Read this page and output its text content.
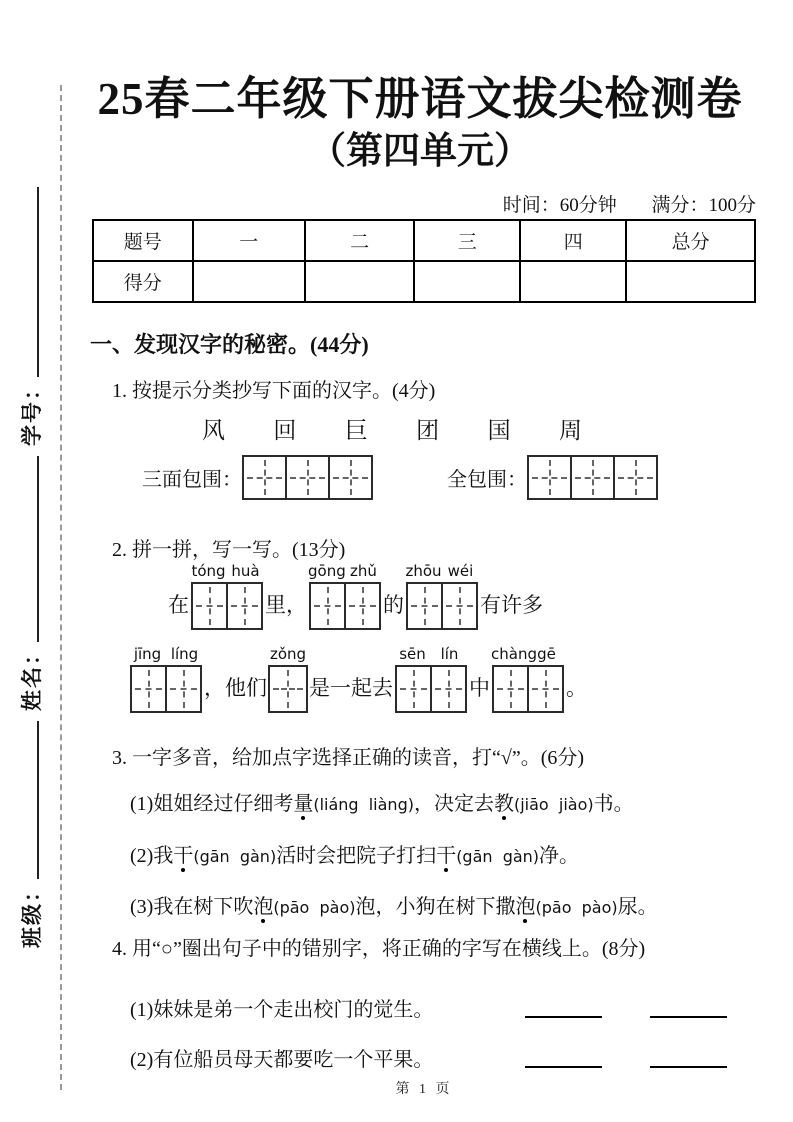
班级：
姓名：
学号：
25春二年级下册语文拔尖检测卷
（第四单元）
时间：60分钟 满分：100分
题号	一	二	三	四	总分
得分					
一、发现汉字的秘密。(44分)
1. 按提示分类抄写下面的汉字。(4分)
风 回 巨 团 国 周
三面包围：	全包围：
2. 拼一拼，写一写。(13分)
在
tóng huà
里，
gōng zhǔ
的
zhōu wéi
有许多
jīng líng
，他们
zǒng
是一起去
sēn lín
中
chàng gē
。
3. 一字多音，给加点字选择正确的读音，打“√”。(6分)
(1)姐姐经过仔细考量(liáng  liàng)，决定去教(jiāo  jiào)书。
(2)我干(gān  gàn)活时会把院子打扫干(gān  gàn)净。
(3)我在树下吹泡(pāo  pào)泡，小狗在树下撒泡(pāo  pào)尿。
4. 用“○”圈出句子中的错别字，将正确的字写在横线上。(8分)
(1)妹妹是弟一个走出校门的觉生。
(2)有位船员母天都要吃一个平果。
第 1 页
